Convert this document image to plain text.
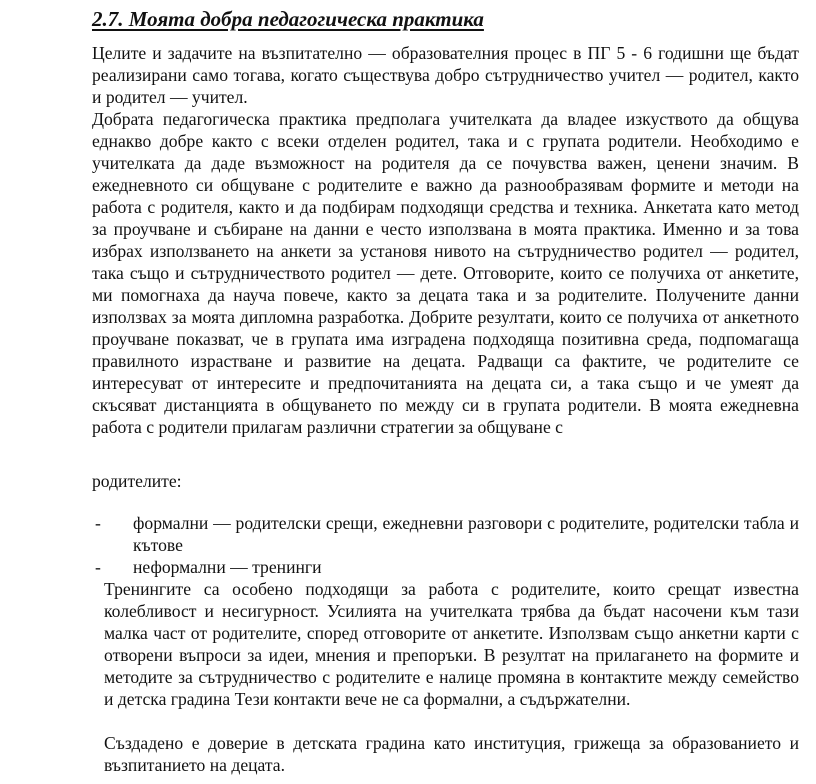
2.7. Моята добра педагогическа практика

Целите и задачите на възпитателно — образователния процес в ПГ 5 - 6 годишни ще бъдат реализирани само тогава, когато съществува добро сътрудничество учител — родител, както и родител — учител.

Добрата педагогическа практика предполага учителката да владее изкуството да общува еднакво добре както с всеки отделен родител, така и с групата родители. Необходимо е учителката да даде възможност на родителя да се почувства важен, ценени значим. В ежедневното си общуване с родителите е важно да разнообразявам формите и методи на работа с родителя, както и да подбирам подходящи средства и техника. Анкетата като метод за проучване и събиране на данни е често използвана в моята практика. Именно и за това избрах използването на анкети за установя нивото на сътрудничество родител — родител, така също и сътрудничеството родител — дете. Отговорите, които се получиха от анкетите, ми помогнаха да науча повече, както за децата така и за родителите. Получените данни използвах за моята дипломна разработка. Добрите резултати, които се получиха от анкетното проучване показват, че в групата има изградена подходяща позитивна среда, подпомагаща правилното израстване и развитие на децата. Радващи са фактите, че родителите се интересуват от интересите и предпочитанията на децата си, а така също и че умеят да скъсяват дистанцията в общуването по между си в групата родители. В моята ежедневна работа с родители прилагам различни стратегии за общуване с

родителите:

- формални — родителски срещи, ежедневни разговори с родителите, родителски табла и кътове
- неформални — тренинги

Тренингите са особено подходящи за работа с родителите, които срещат известна колебливост и несигурност. Усилията на учителката трябва да бъдат насочени към тази малка част от родителите, според отговорите от анкетите. Използвам също анкетни карти с отворени въпроси за идеи, мнения и препоръки. В резултат на прилагането на формите и методите за сътрудничество с родителите е налице промяна в контактите между семейство и детска градина Тези контакти вече не са формални, а съдържателни.

Създадено е доверие в детската градина като институция, грижеща за образованието и възпитанието на децата.
